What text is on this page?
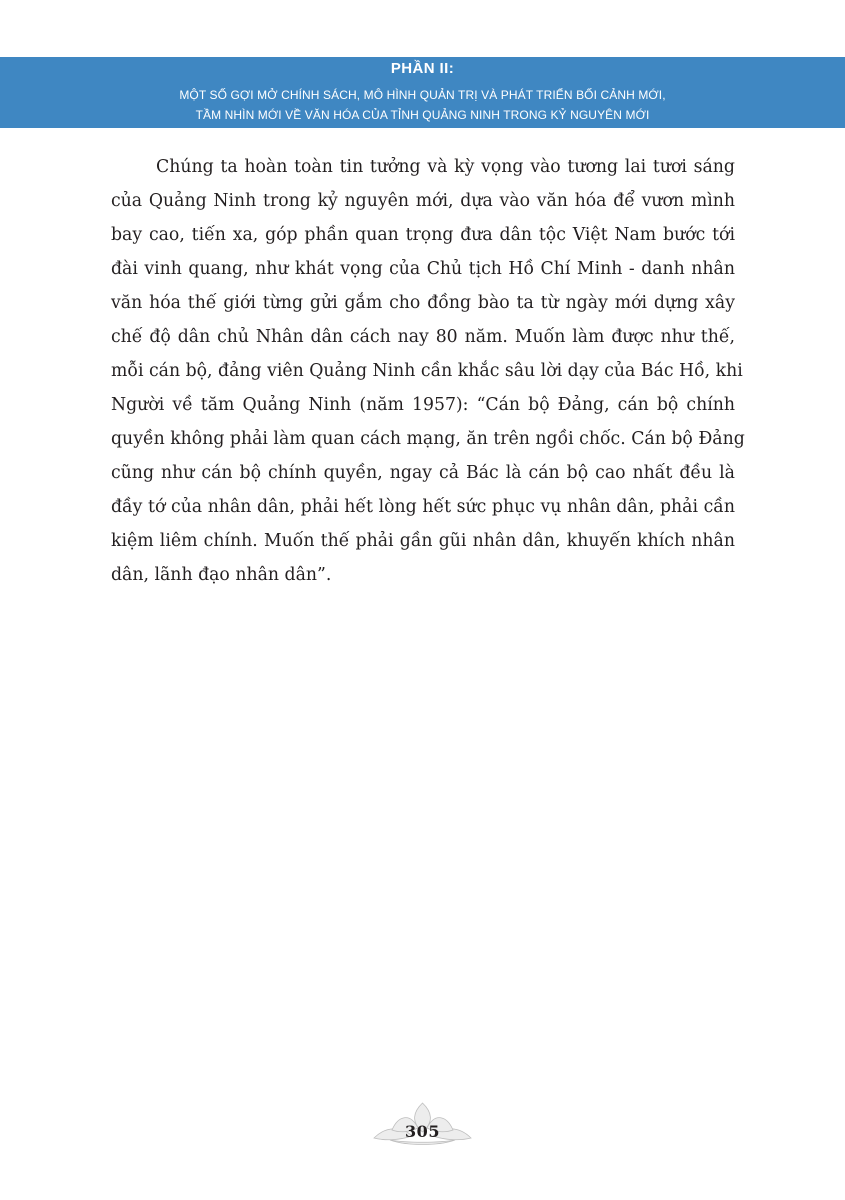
PHẦN II:
MỘT SỐ GỢI MỞ CHÍNH SÁCH, MÔ HÌNH QUẢN TRỊ VÀ PHÁT TRIỂN BỐI CẢNH MỚI,
TẦM NHÌN MỚI VỀ VĂN HÓA CỦA TỈNH QUẢNG NINH TRONG KỶ NGUYÊN MỚI
Chúng ta hoàn toàn tin tưởng và kỳ vọng vào tương lai tươi sáng
của Quảng Ninh trong kỷ nguyên mới, dựa vào văn hóa để vươn mình
bay cao, tiến xa, góp phần quan trọng đưa dân tộc Việt Nam bước tới
đài vinh quang, như khát vọng của Chủ tịch Hồ Chí Minh - danh nhân
văn hóa thế giới từng gửi gắm cho đồng bào ta từ ngày mới dựng xây
chế độ dân chủ Nhân dân cách nay 80 năm. Muốn làm được như thế,
mỗi cán bộ, đảng viên Quảng Ninh cần khắc sâu lời dạy của Bác Hồ, khi
Người về tăm Quảng Ninh (năm 1957): “Cán bộ Đảng, cán bộ chính
quyền không phải làm quan cách mạng, ăn trên ngồi chốc. Cán bộ Đảng
cũng như cán bộ chính quyền, ngay cả Bác là cán bộ cao nhất đều là
đầy tớ của nhân dân, phải hết lòng hết sức phục vụ nhân dân, phải cần
kiệm liêm chính. Muốn thế phải gần gũi nhân dân, khuyến khích nhân
dân, lãnh đạo nhân dân”.
305
